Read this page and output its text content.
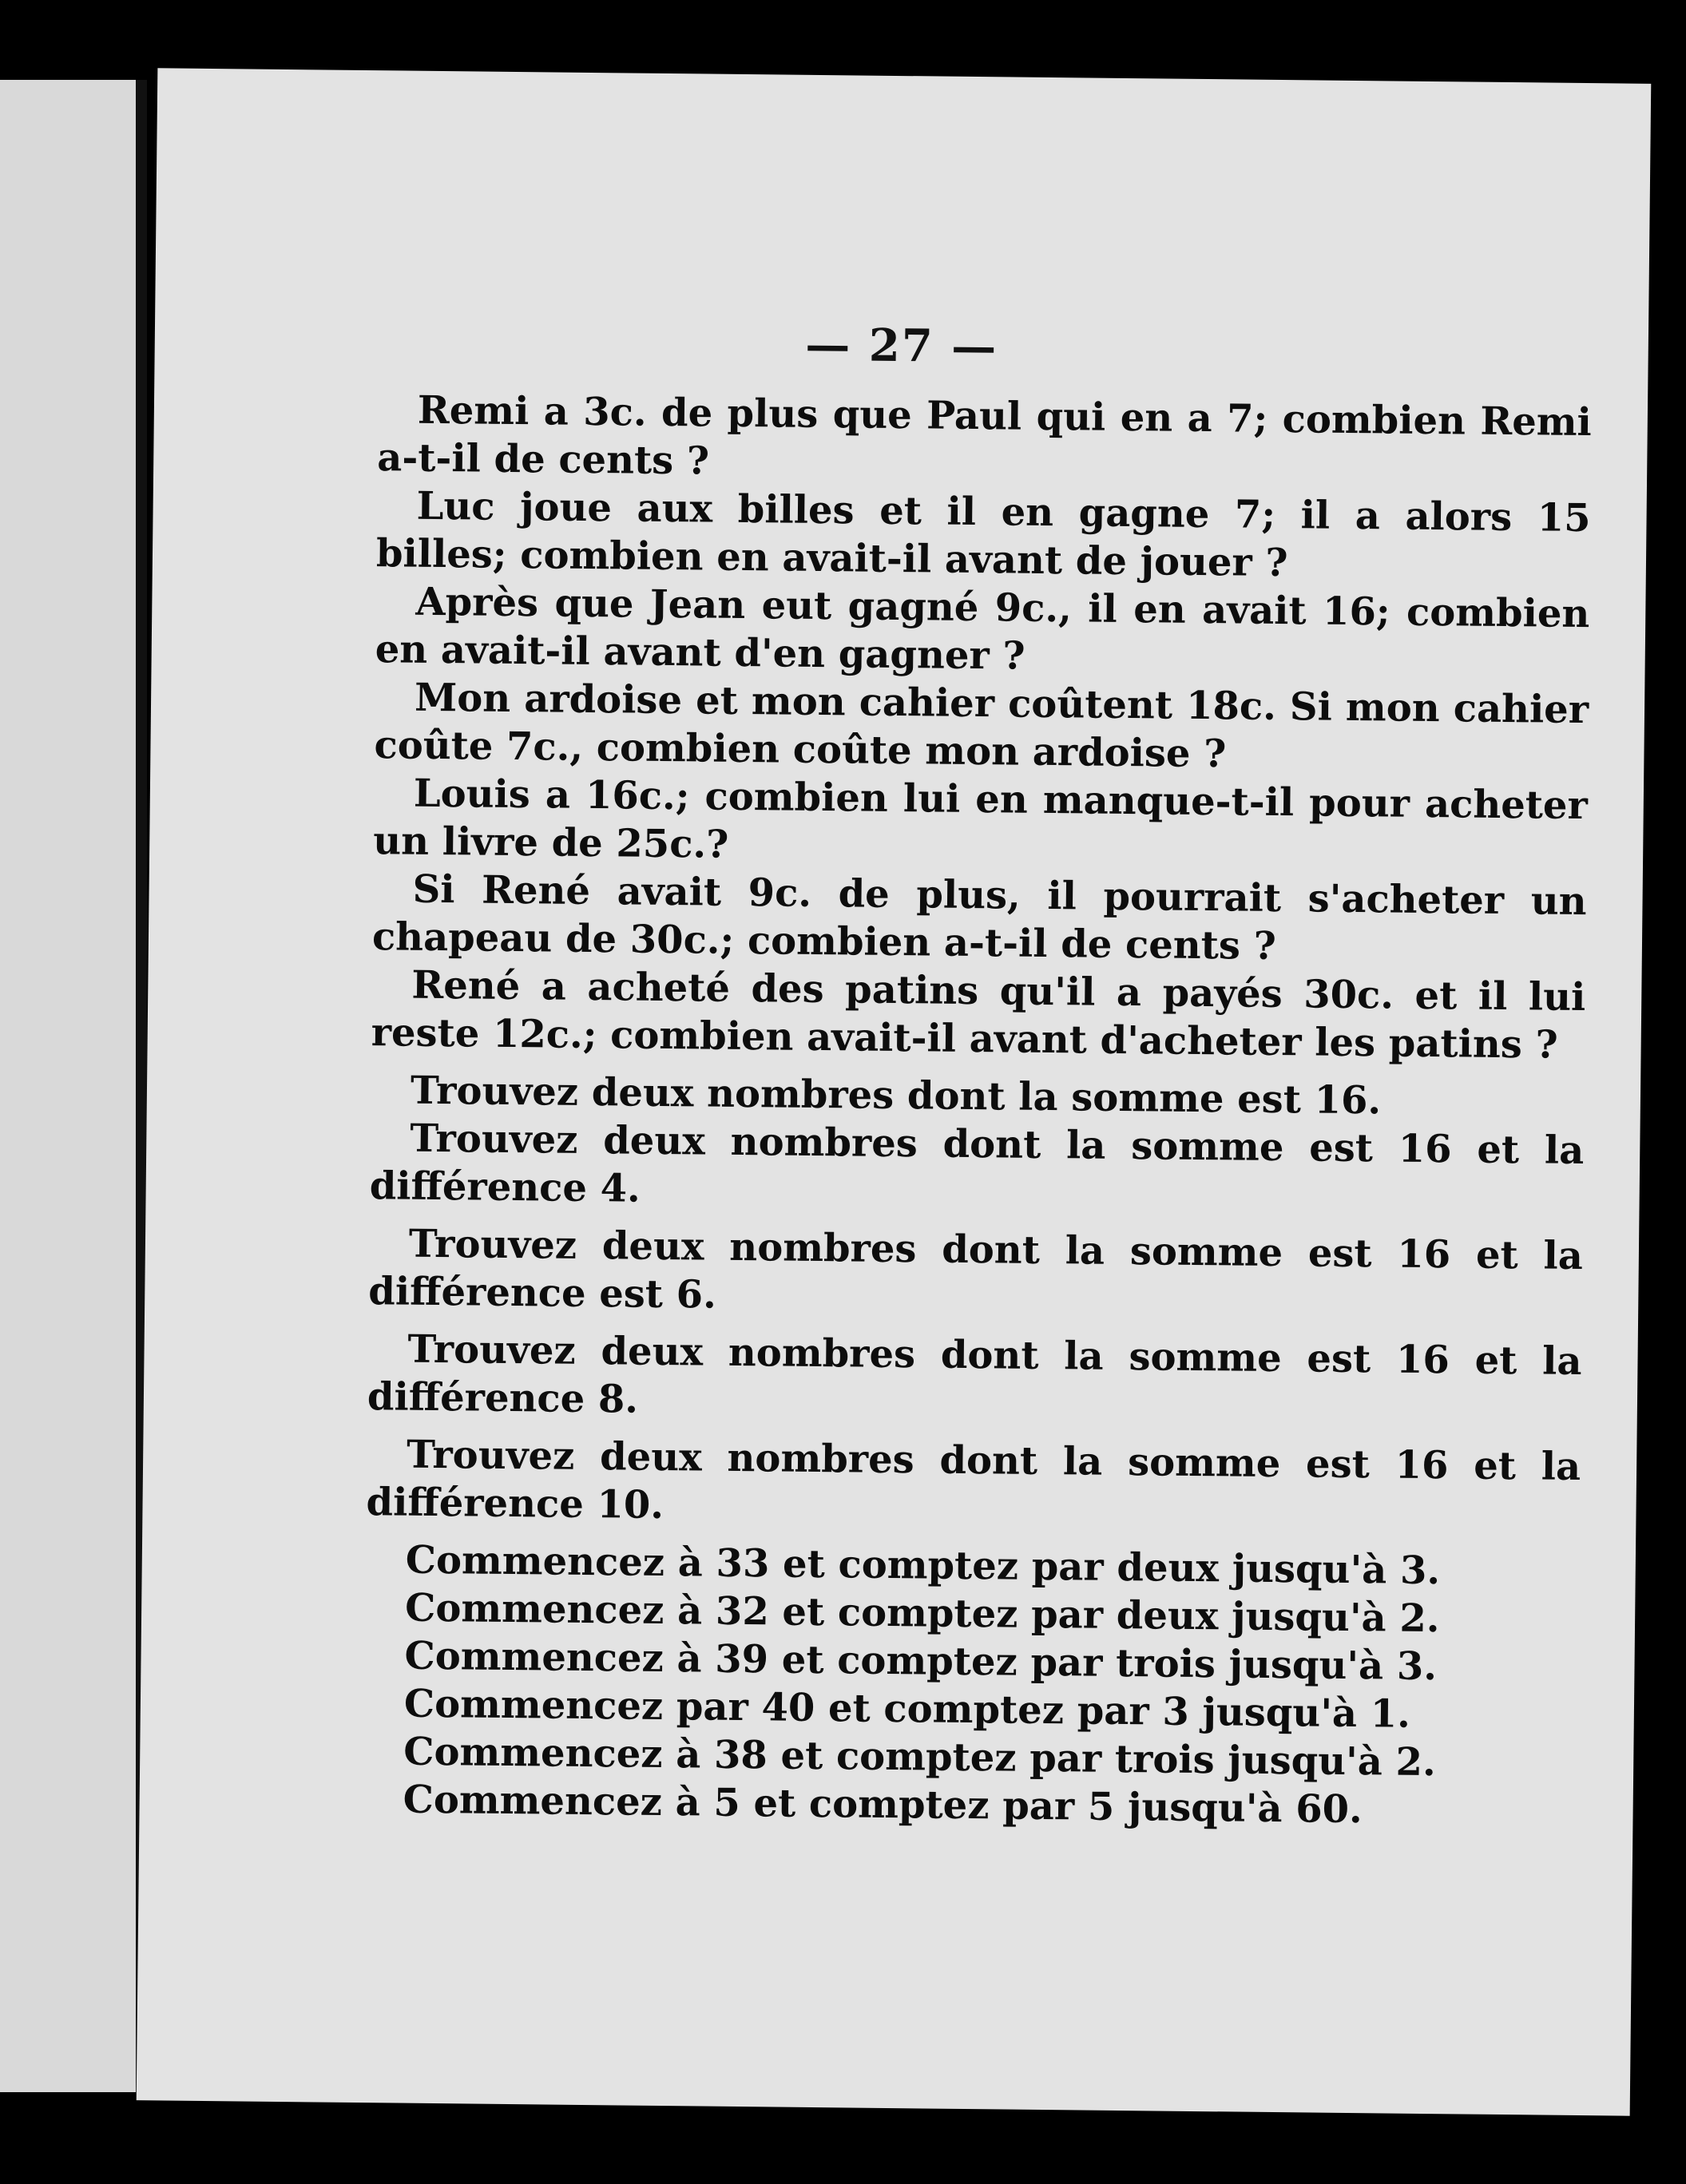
— 27 —

Remi a 3c. de plus que Paul qui en a 7; combien Remi a-t-il de cents ?

Luc joue aux billes et il en gagne 7; il a alors 15 billes; combien en avait-il avant de jouer ?

Après que Jean eut gagné 9c., il en avait 16; combien en avait-il avant d'en gagner ?

Mon ardoise et mon cahier coûtent 18c. Si mon cahier coûte 7c., combien coûte mon ardoise ?

Louis a 16c.; combien lui en manque-t-il pour acheter un livre de 25c.?

Si René avait 9c. de plus, il pourrait s'acheter un chapeau de 30c.; combien a-t-il de cents ?

René a acheté des patins qu'il a payés 30c. et il lui reste 12c.; combien avait-il avant d'acheter les patins ?

Trouvez deux nombres dont la somme est 16.

Trouvez deux nombres dont la somme est 16 et la différence 4.

Trouvez deux nombres dont la somme est 16 et la différence est 6.

Trouvez deux nombres dont la somme est 16 et la différence 8.

Trouvez deux nombres dont la somme est 16 et la différence 10.

Commencez à 33 et comptez par deux jusqu'à 3.

Commencez à 32 et comptez par deux jusqu'à 2.

Commencez à 39 et comptez par trois jusqu'à 3.

Commencez par 40 et comptez par 3 jusqu'à 1.

Commencez à 38 et comptez par trois jusqu'à 2.

Commencez à 5 et comptez par 5 jusqu'à 60.
